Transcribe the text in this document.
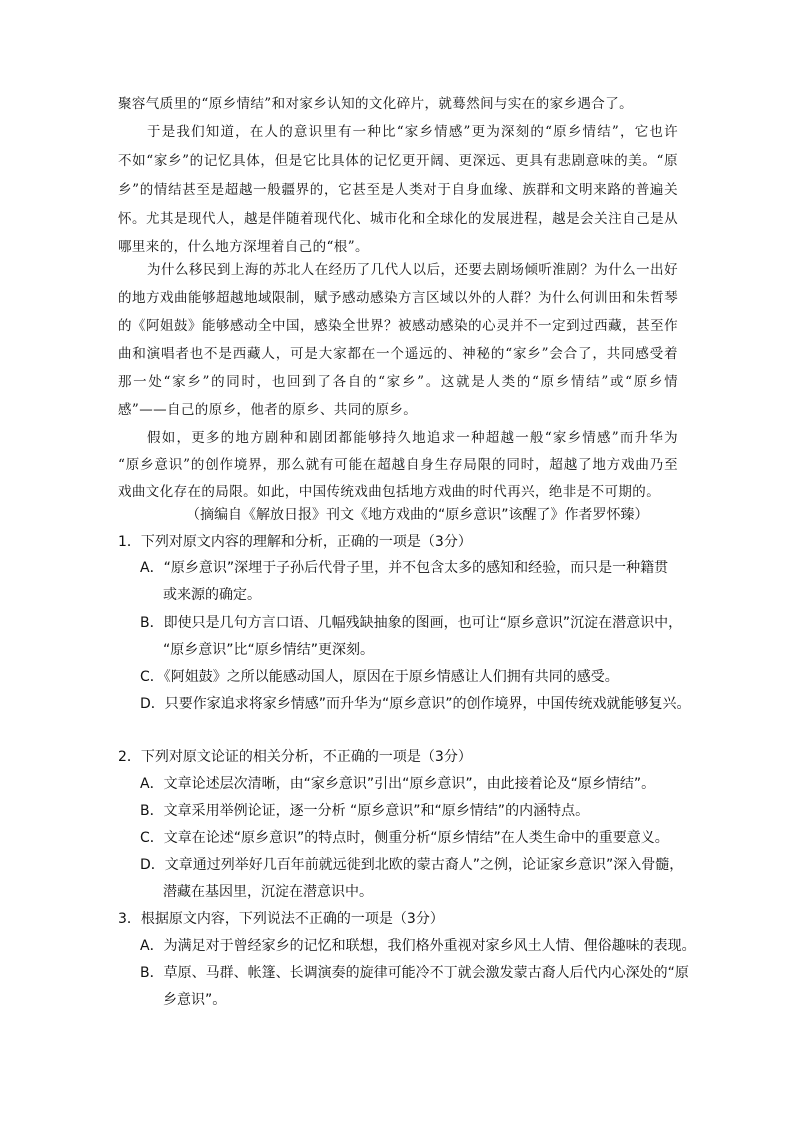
聚容气质里的“原乡情结”和对家乡认知的文化碎片，就蓦然间与实在的家乡遇合了。
于是我们知道，在人的意识里有一种比“家乡情感”更为深刻的“原乡情结”，它也许
不如“家乡”的记忆具体，但是它比具体的记忆更开阔、更深远、更具有悲剧意味的美。“原
乡”的情结甚至是超越一般疆界的，它甚至是人类对于自身血缘、族群和文明来路的普遍关
怀。尤其是现代人，越是伴随着现代化、城市化和全球化的发展进程，越是会关注自己是从
哪里来的，什么地方深埋着自己的“根”。
为什么移民到上海的苏北人在经历了几代人以后，还要去剧场倾听淮剧？为什么一出好
的地方戏曲能够超越地域限制，赋予感动感染方言区域以外的人群？为什么何训田和朱哲琴
的《阿姐鼓》能够感动全中国，感染全世界？被感动感染的心灵并不一定到过西藏，甚至作
曲和演唱者也不是西藏人，可是大家都在一个遥远的、神秘的“家乡”会合了，共同感受着
那一处“家乡”的同时，也回到了各自的“家乡”。这就是人类的“原乡情结”或“原乡情
感”——自己的原乡，他者的原乡、共同的原乡。
假如，更多的地方剧种和剧团都能够持久地追求一种超越一般“家乡情感”而升华为
“原乡意识”的创作境界，那么就有可能在超越自身生存局限的同时，超越了地方戏曲乃至
戏曲文化存在的局限。如此，中国传统戏曲包括地方戏曲的时代再兴，绝非是不可期的。
（摘编自《解放日报》刊文《地方戏曲的“原乡意识”该醒了》作者罗怀臻）
1．下列对原文内容的理解和分析，正确的一项是（3分）
A．“原乡意识”深埋于子孙后代骨子里，并不包含太多的感知和经验，而只是一种籍贯
或来源的确定。
B．即使只是几句方言口语、几幅残缺抽象的图画，也可让“原乡意识”沉淀在潜意识中，
“原乡意识”比“原乡情结”更深刻。
C．《阿姐鼓》之所以能感动国人，原因在于原乡情感让人们拥有共同的感受。
D．只要作家追求将家乡情感”而升华为“原乡意识”的创作境界，中国传统戏就能够复兴。
2．下列对原文论证的相关分析，不正确的一项是（3分）
A．文章论述层次清晰，由“家乡意识”引出“原乡意识”，由此接着论及“原乡情结”。
B．文章采用举例论证，逐一分析 “原乡意识”和“原乡情结”的内涵特点。
C．文章在论述“原乡意识”的特点时，侧重分析“原乡情结”在人类生命中的重要意义。
D．文章通过列举好几百年前就远徙到北欧的蒙古裔人”之例，论证家乡意识”深入骨髓，
潜藏在基因里，沉淀在潜意识中。
3．根据原文内容，下列说法不正确的一项是（3分）
A．为满足对于曾经家乡的记忆和联想，我们格外重视对家乡风土人情、俚俗趣味的表现。
B．草原、马群、帐篷、长调演奏的旋律可能冷不丁就会激发蒙古裔人后代内心深处的“原
乡意识”。
